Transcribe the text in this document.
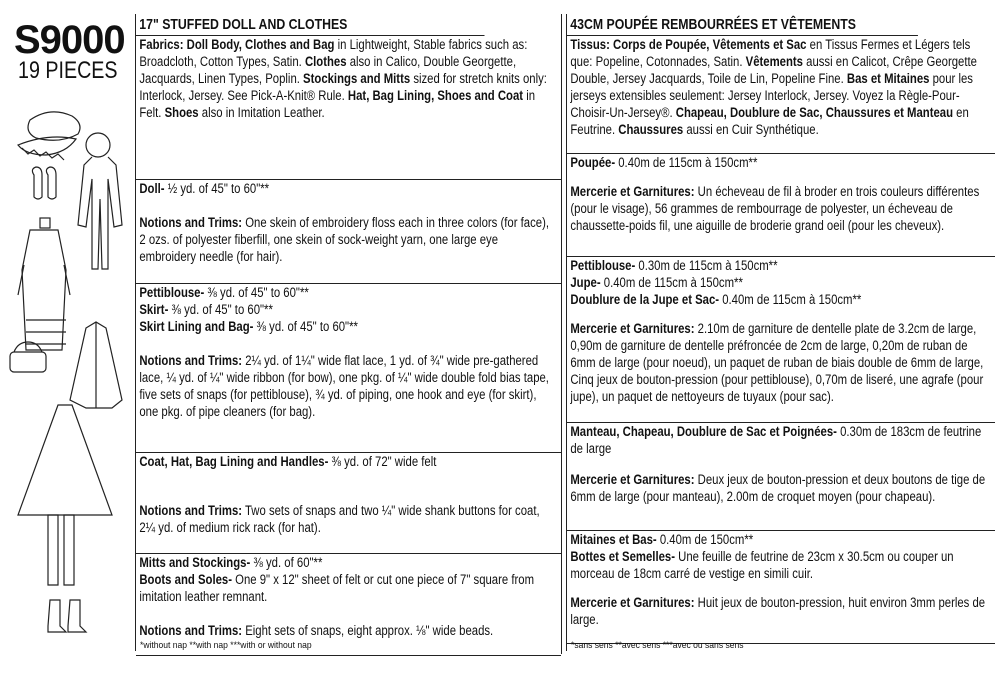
S9000
19 PIECES
17" STUFFED DOLL AND CLOTHES
Fabrics: Doll Body, Clothes and Bag in Lightweight, Stable fabrics such as: Broadcloth, Cotton Types, Satin. Clothes also in Calico, Double Georgette, Jacquards, Linen Types, Poplin. Stockings and Mitts sized for stretch knits only: Interlock, Jersey. See Pick-A-Knit® Rule. Hat, Bag Lining, Shoes and Coat in Felt. Shoes also in Imitation Leather.
Doll- ½ yd. of 45" to 60"**
Notions and Trims: One skein of embroidery floss each in three colors (for face), 2 ozs. of polyester fiberfill, one skein of sock-weight yarn, one large eye embroidery needle (for hair).
Pettiblouse- ⅜ yd. of 45" to 60"**
Skirt- ⅜ yd. of 45" to 60"**
Skirt Lining and Bag- ⅜ yd. of 45" to 60"**
Notions and Trims: 2¼ yd. of 1¼" wide flat lace, 1 yd. of ¾" wide pre-gathered lace, ¼ yd. of ¼" wide ribbon (for bow), one pkg. of ¼" wide double fold bias tape, five sets of snaps (for pettiblouse), ¾ yd. of piping, one hook and eye (for skirt), one pkg. of pipe cleaners (for bag).
Coat, Hat, Bag Lining and Handles- ⅜ yd. of 72" wide felt
Notions and Trims: Two sets of snaps and two ¼" wide shank buttons for coat, 2¼ yd. of medium rick rack (for hat).
Mitts and Stockings- ⅜ yd. of 60"**
Boots and Soles- One 9" x 12" sheet of felt or cut one piece of 7" square from imitation leather remnant.
Notions and Trims: Eight sets of snaps, eight approx. ⅛" wide beads.
*without nap **with nap ***with or without nap
43CM POUPÉE REMBOURRÉES ET VÊTEMENTS
Tissus: Corps de Poupée, Vêtements et Sac en Tissus Fermes et Légers tels que: Popeline, Cotonnades, Satin. Vêtements aussi en Calicot, Crêpe Georgette Double, Jersey Jacquards, Toile de Lin, Popeline Fine. Bas et Mitaines pour les jerseys extensibles seulement: Jersey Interlock, Jersey. Voyez la Règle-Pour-Choisir-Un-Jersey®. Chapeau, Doublure de Sac, Chaussures et Manteau en Feutrine. Chaussures aussi en Cuir Synthétique.
Poupée- 0.40m de 115cm à 150cm**
Mercerie et Garnitures: Un écheveau de fil à broder en trois couleurs différentes (pour le visage), 56 grammes de rembourrage de polyester, un écheveau de chaussette-poids fil, une aiguille de broderie grand oeil (pour les cheveux).
Pettiblouse- 0.30m de 115cm à 150cm**
Jupe- 0.40m de 115cm à 150cm**
Doublure de la Jupe et Sac- 0.40m de 115cm à 150cm**
Mercerie et Garnitures: 2.10m de garniture de dentelle plate de 3.2cm de large, 0,90m de garniture de dentelle préfroncée de 2cm de large, 0,20m de ruban de 6mm de large (pour noeud), un paquet de ruban de biais double de 6mm de large, Cinq jeux de bouton-pression (pour pettiblouse), 0,70m de liseré, une agrafe (pour jupe), un paquet de nettoyeurs de tuyaux (pour sac).
Manteau, Chapeau, Doublure de Sac et Poignées- 0.30m de 183cm de feutrine de large
Mercerie et Garnitures: Deux jeux de bouton-pression et deux boutons de tige de 6mm de large (pour manteau), 2.00m de croquet moyen (pour chapeau).
Mitaines et Bas- 0.40m de 150cm**
Bottes et Semelles- Une feuille de feutrine de 23cm x 30.5cm ou couper un morceau de 18cm carré de vestige en simili cuir.
Mercerie et Garnitures: Huit jeux de bouton-pression, huit environ 3mm perles de large.
*sans sens **avec sens ***avec ou sans sens
